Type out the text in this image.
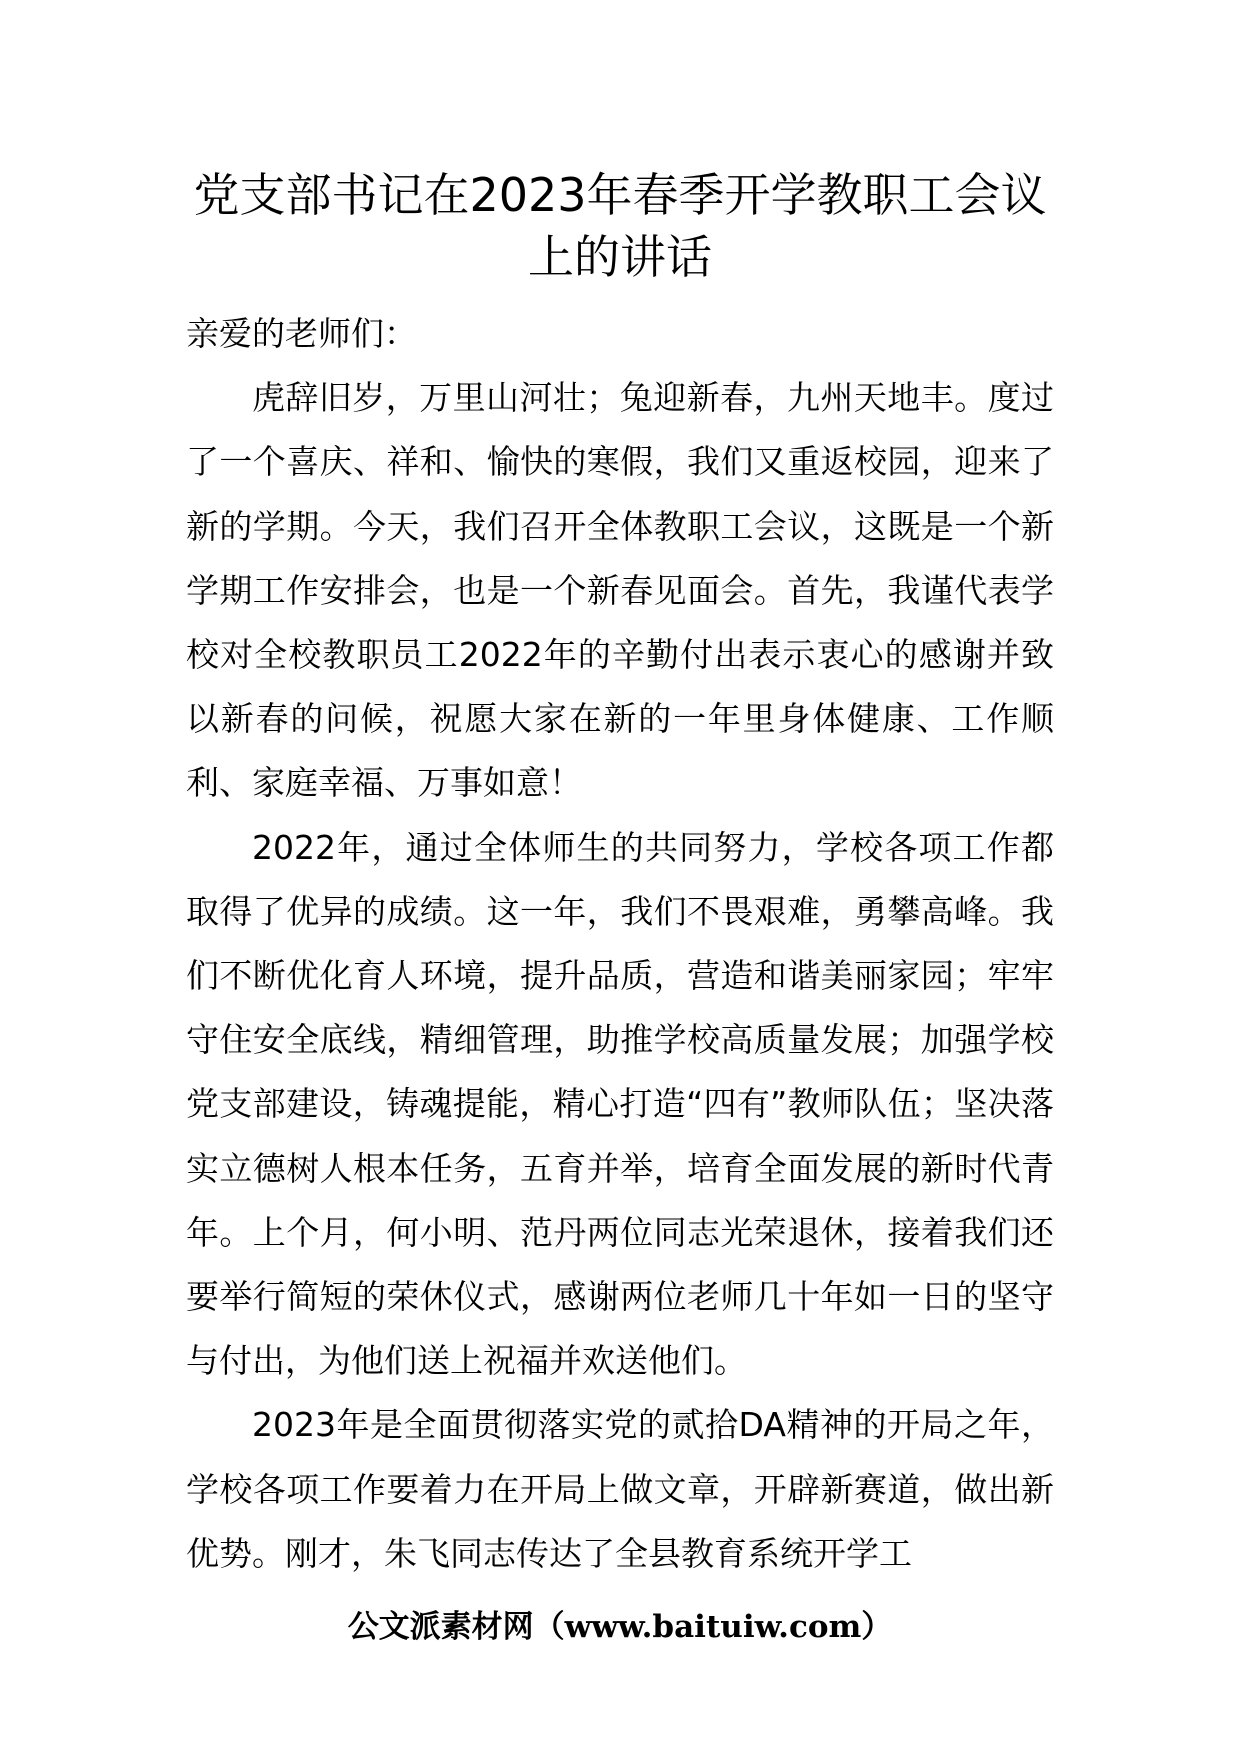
党支部书记在2023年春季开学教职工会议
上的讲话

亲爱的老师们：

虎辞旧岁，万里山河壮；兔迎新春，九州天地丰。度过了一个喜庆、祥和、愉快的寒假，我们又重返校园，迎来了新的学期。今天，我们召开全体教职工会议，这既是一个新学期工作安排会，也是一个新春见面会。首先，我谨代表学校对全校教职员工2022年的辛勤付出表示衷心的感谢并致以新春的问候，祝愿大家在新的一年里身体健康、工作顺利、家庭幸福、万事如意！

2022年，通过全体师生的共同努力，学校各项工作都取得了优异的成绩。这一年，我们不畏艰难，勇攀高峰。我们不断优化育人环境，提升品质，营造和谐美丽家园；牢牢守住安全底线，精细管理，助推学校高质量发展；加强学校党支部建设，铸魂提能，精心打造“四有”教师队伍；坚决落实立德树人根本任务，五育并举，培育全面发展的新时代青年。上个月，何小明、范丹两位同志光荣退休，接着我们还要举行简短的荣休仪式，感谢两位老师几十年如一日的坚守与付出，为他们送上祝福并欢送他们。

2023年是全面贯彻落实党的贰拾DA精神的开局之年，学校各项工作要着力在开局上做文章，开辟新赛道，做出新优势。刚才，朱飞同志传达了全县教育系统开学工

公文派素材网（www.baituiw.com）
